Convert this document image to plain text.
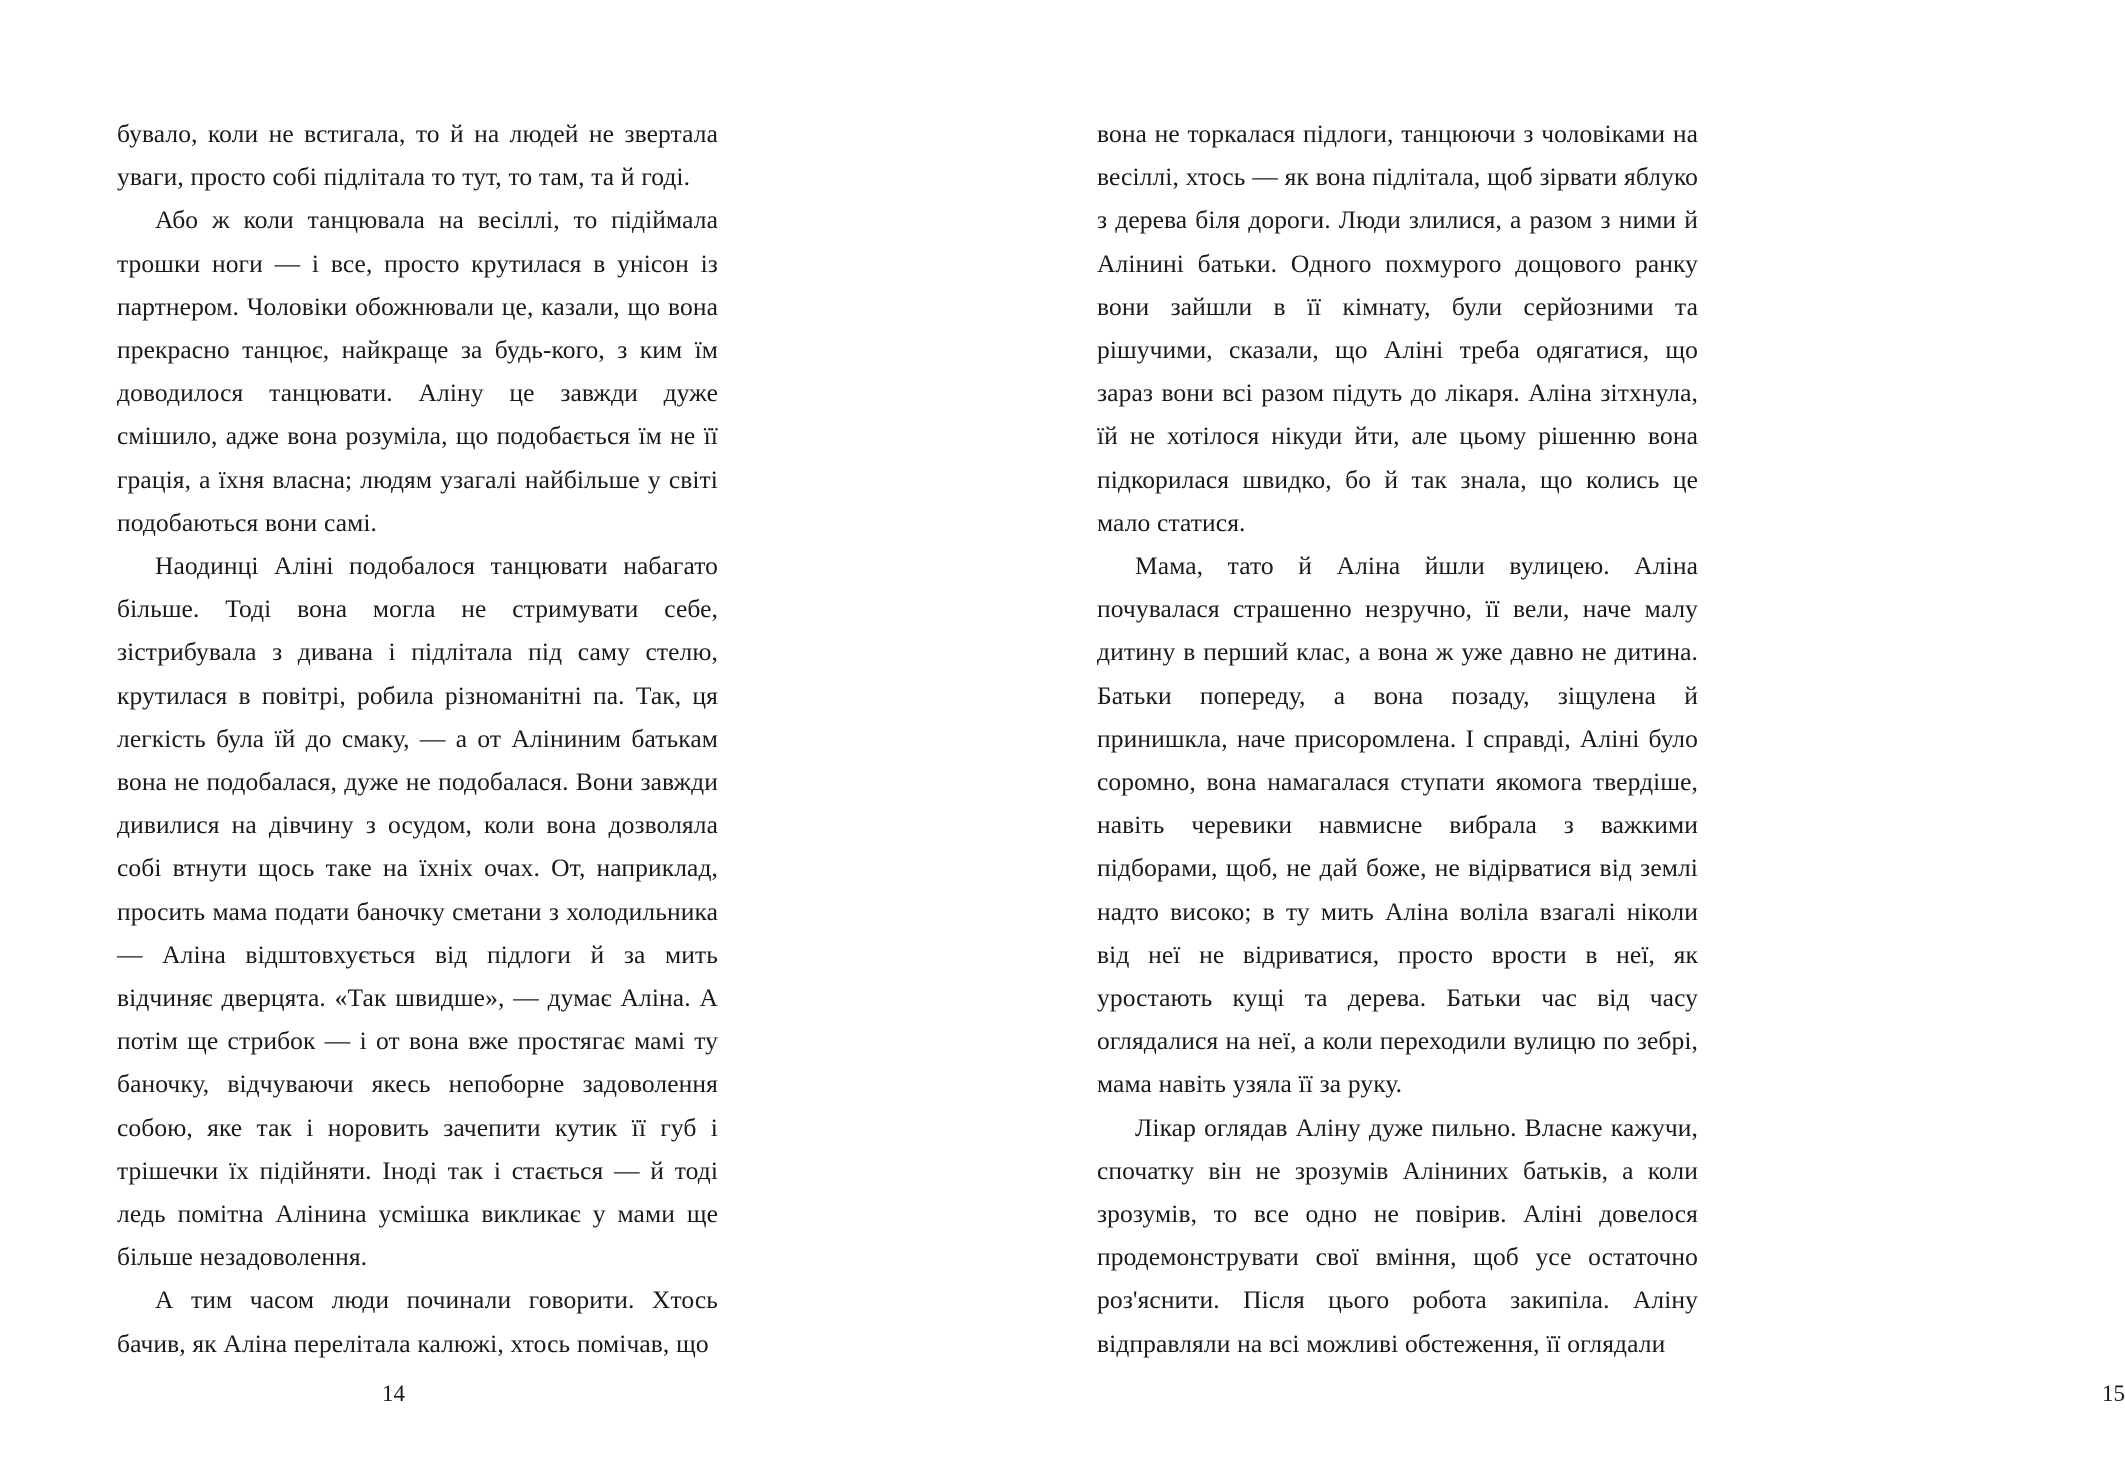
бувало, коли не встигала, то й на людей не звертала уваги, просто собі підлітала то тут, то там, та й годі.

Або ж коли танцювала на весіллі, то підіймала трошки ноги — і все, просто крутилася в унісон із партнером. Чоловіки обожнювали це, казали, що вона прекрасно танцює, найкраще за будь-кого, з ким їм доводилося танцювати. Аліну це завжди дуже смішило, адже вона розуміла, що подобається їм не її грація, а їхня власна; людям узагалі найбільше у світі подобаються вони самі.

Наодинці Аліні подобалося танцювати набагато більше. Тоді вона могла не стримувати себе, зістрибувала з дивана і підлітала під саму стелю, крутилася в повітрі, робила різноманітні па. Так, ця легкість була їй до смаку, — а от Аліниним батькам вона не подобалася, дуже не подобалася. Вони завжди дивилися на дівчину з осудом, коли вона дозволяла собі втнути щось таке на їхніх очах. От, наприклад, просить мама подати баночку сметани з холодильника — Аліна відштовхується від підлоги й за мить відчиняє дверцята. «Так швидше», — думає Аліна. А потім ще стрибок — і от вона вже простягає мамі ту баночку, відчуваючи якесь непоборне задоволення собою, яке так і норовить зачепити кутик її губ і трішечки їх підійняти. Іноді так і стається — й тоді ледь помітна Алінина усмішка викликає у мами ще більше незадоволення.

А тим часом люди починали говорити. Хтось бачив, як Аліна перелітала калюжі, хтось помічав, що

14

вона не торкалася підлоги, танцюючи з чоловіками на весіллі, хтось — як вона підлітала, щоб зірвати яблуко з дерева біля дороги. Люди злилися, а разом з ними й Алінині батьки. Одного похмурого дощового ранку вони зайшли в її кімнату, були серйозними та рішучими, сказали, що Аліні треба одягатися, що зараз вони всі разом підуть до лікаря. Аліна зітхнула, їй не хотілося нікуди йти, але цьому рішенню вона підкорилася швидко, бо й так знала, що колись це мало статися.

Мама, тато й Аліна йшли вулицею. Аліна почувалася страшенно незручно, її вели, наче малу дитину в перший клас, а вона ж уже давно не дитина. Батьки попереду, а вона позаду, зіщулена й принишкла, наче присоромлена. І справді, Аліні було соромно, вона намагалася ступати якомога твердіше, навіть черевики навмисне вибрала з важкими підборами, щоб, не дай боже, не відірватися від землі надто високо; в ту мить Аліна воліла взагалі ніколи від неї не відриватися, просто врости в неї, як уростають кущі та дерева. Батьки час від часу оглядалися на неї, а коли переходили вулицю по зебрі, мама навіть узяла її за руку.

Лікар оглядав Аліну дуже пильно. Власне кажучи, спочатку він не зрозумів Аліниних батьків, а коли зрозумів, то все одно не повірив. Аліні довелося продемонструвати свої вміння, щоб усе остаточно роз'яснити. Після цього робота закипіла. Аліну відправляли на всі можливі обстеження, її оглядали

15
